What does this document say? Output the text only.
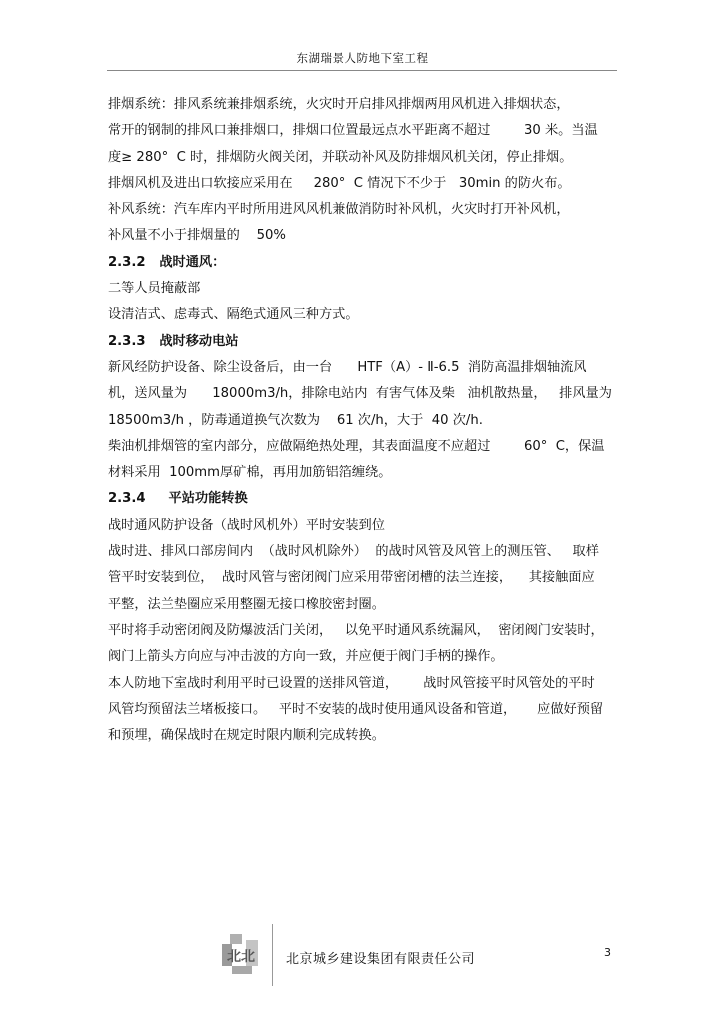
东湖瑞景人防地下室工程
排烟系统：排风系统兼排烟系统，火灾时开启排风排烟两用风机进入排烟状态，
常开的钢制的排风口兼排烟口，排烟口位置最远点水平距离不超过        30 米。当温
度≥ 280°  C 时，排烟防火阀关闭，并联动补风及防排烟风机关闭，停止排烟。
排烟风机及进出口软接应采用在     280°  C 情况下不少于   30min 的防火布。
补风系统：汽车库内平时所用进风风机兼做消防时补风机，火灾时打开补风机，
补风量不小于排烟量的    50%
2.3.2   战时通风：
二等人员掩蔽部
设清洁式、虑毒式、隔绝式通风三种方式。
2.3.3   战时移动电站
新风经防护设备、除尘设备后，由一台      HTF（A）- Ⅱ-6.5  消防高温排烟轴流风
机，送风量为      18000m3/h，排除电站内  有害气体及柴   油机散热量，   排风量为
18500m3/h ，防毒通道换气次数为    61 次/h，大于  40 次/h.
柴油机排烟管的室内部分，应做隔绝热处理，其表面温度不应超过        60°  C，保温
材料采用  100mm厚矿棉，再用加筋铝箔缠绕。
2.3.4     平站功能转换
战时通风防护设备（战时风机外）平时安装到位
战时进、排风口部房间内  （战时风机除外）  的战时风管及风管上的测压管、   取样
管平时安装到位，  战时风管与密闭阀门应采用带密闭槽的法兰连接，    其接触面应
平整，法兰垫圈应采用整圈无接口橡胶密封圈。
平时将手动密闭阀及防爆波活门关闭，   以免平时通风系统漏风，  密闭阀门安装时，
阀门上箭头方向应与冲击波的方向一致，并应便于阀门手柄的操作。
本人防地下室战时利用平时已设置的送排风管道，      战时风管接平时风管处的平时
风管均预留法兰堵板接口。   平时不安装的战时使用通风设备和管道，     应做好预留
和预埋，确保战时在规定时限内顺利完成转换。
北北 北京城乡建设集团有限责任公司	3
